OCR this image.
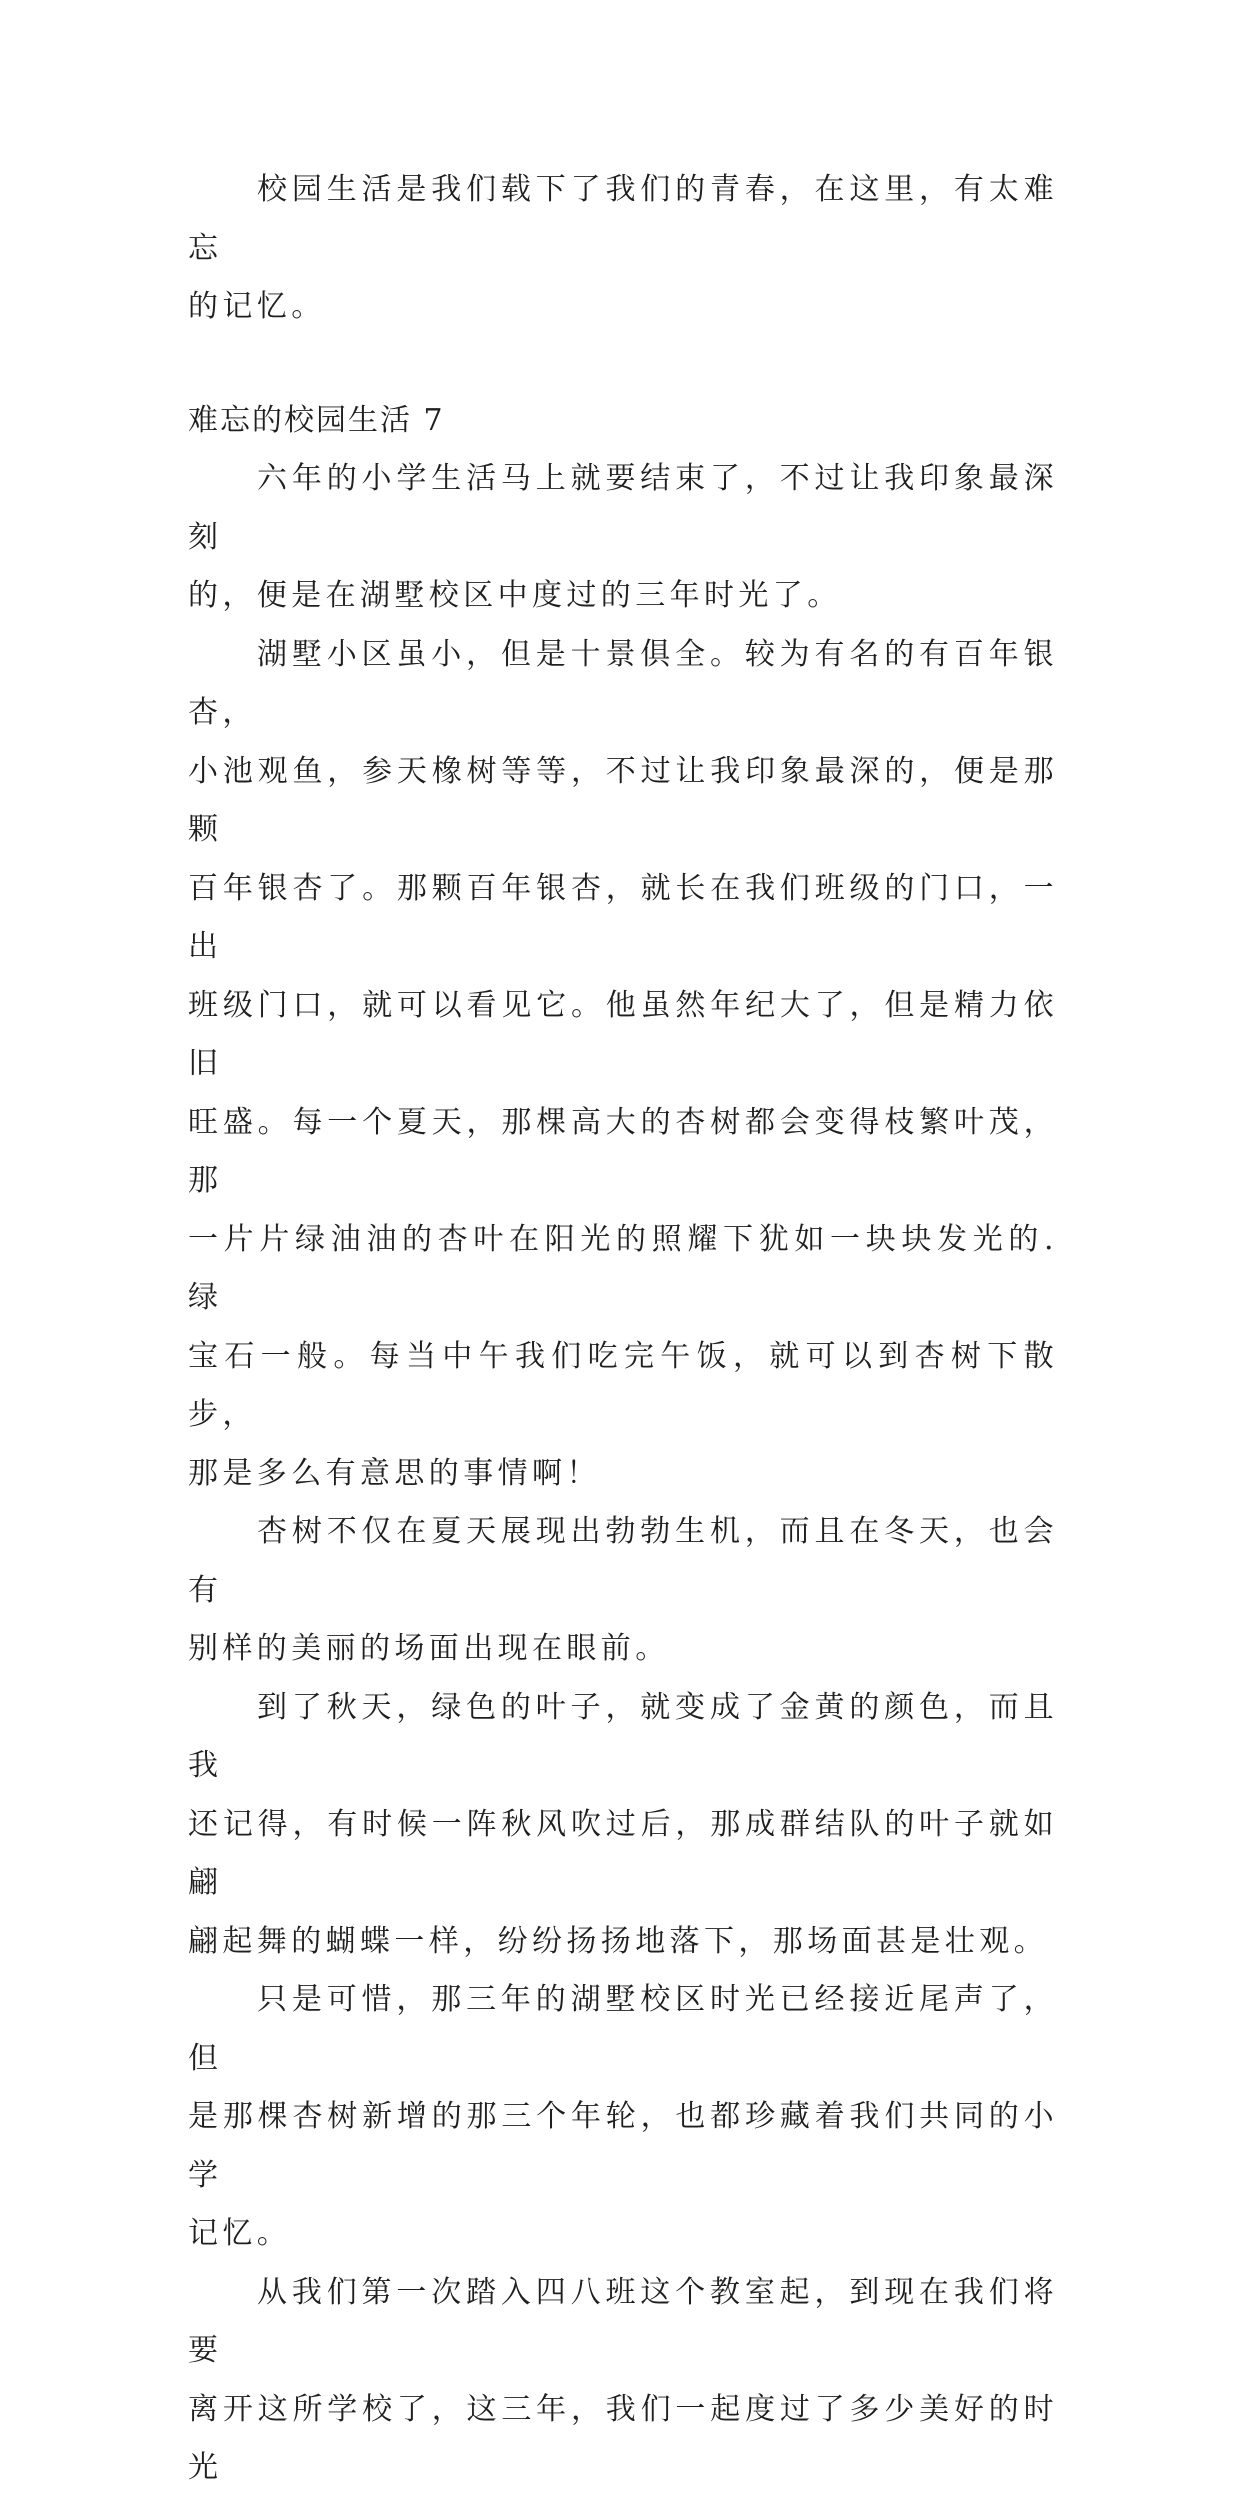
校园生活是我们载下了我们的青春，在这里，有太难忘
的记忆。

难忘的校园生活 7

六年的小学生活马上就要结束了，不过让我印象最深刻
的，便是在湖墅校区中度过的三年时光了。

湖墅小区虽小，但是十景俱全。较为有名的有百年银杏，
小池观鱼，参天橡树等等，不过让我印象最深的，便是那颗
百年银杏了。那颗百年银杏，就长在我们班级的门口，一出
班级门口，就可以看见它。他虽然年纪大了，但是精力依旧
旺盛。每一个夏天，那棵高大的杏树都会变得枝繁叶茂，那
一片片绿油油的杏叶在阳光的照耀下犹如一块块发光的.绿
宝石一般。每当中午我们吃完午饭，就可以到杏树下散步，
那是多么有意思的事情啊！

杏树不仅在夏天展现出勃勃生机，而且在冬天，也会有
别样的美丽的场面出现在眼前。

到了秋天，绿色的叶子，就变成了金黄的颜色，而且我
还记得，有时候一阵秋风吹过后，那成群结队的叶子就如翩
翩起舞的蝴蝶一样，纷纷扬扬地落下，那场面甚是壮观。

只是可惜，那三年的湖墅校区时光已经接近尾声了，但
是那棵杏树新增的那三个年轮，也都珍藏着我们共同的小学
记忆。

从我们第一次踏入四八班这个教室起，到现在我们将要
离开这所学校了，这三年，我们一起度过了多少美好的时光
